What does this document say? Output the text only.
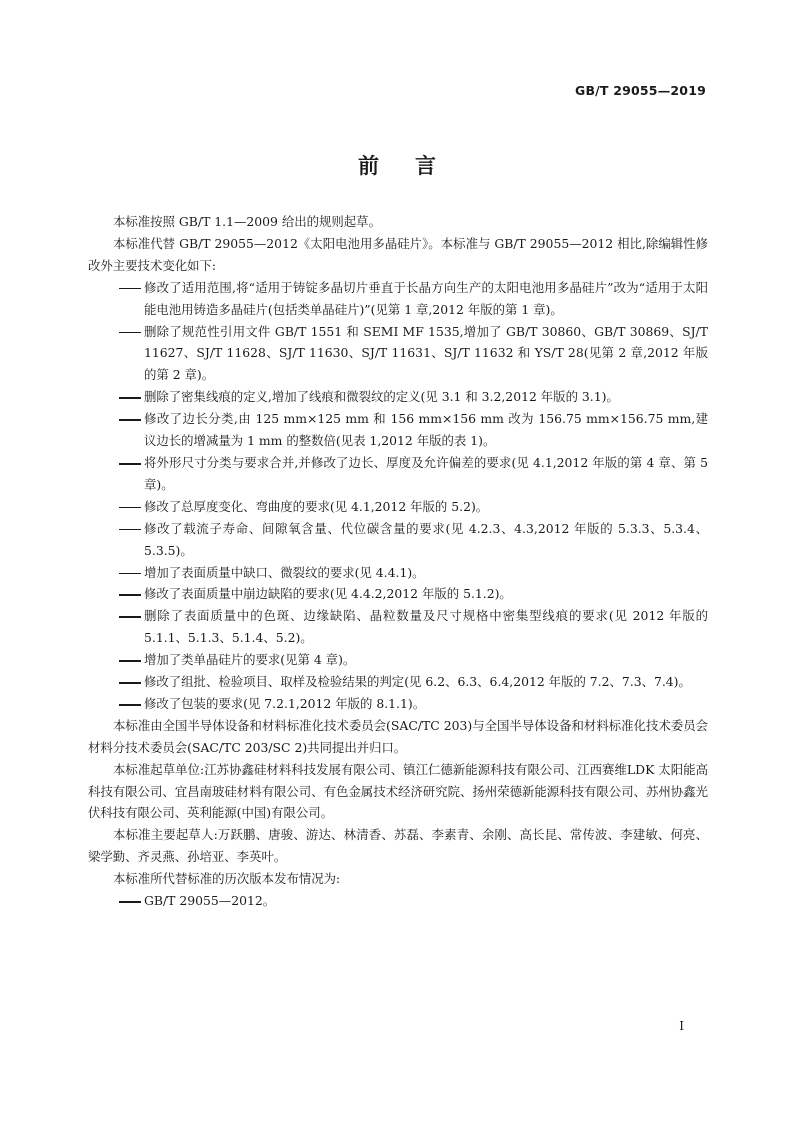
GB/T 29055—2019
前言

本标准按照 GB/T 1.1—2009 给出的规则起草。

本标准代替 GB/T 29055—2012《太阳电池用多晶硅片》。本标准与 GB/T 29055—2012 相比,除编辑性修改外主要技术变化如下:

修改了适用范围,将“适用于铸锭多晶切片垂直于长晶方向生产的太阳电池用多晶硅片”改为“适用于太阳能电池用铸造多晶硅片(包括类单晶硅片)”(见第 1 章,2012 年版的第 1 章)。

删除了规范性引用文件 GB/T 1551 和 SEMI MF 1535,增加了 GB/T 30860、GB/T 30869、SJ/T 11627、SJ/T 11628、SJ/T 11630、SJ/T 11631、SJ/T 11632 和 YS/T 28(见第 2 章,2012 年版的第 2 章)。

删除了密集线痕的定义,增加了线痕和微裂纹的定义(见 3.1 和 3.2,2012 年版的 3.1)。

修改了边长分类,由 125 mm×125 mm 和 156 mm×156 mm 改为 156.75 mm×156.75 mm,建议边长的增减量为 1 mm 的整数倍(见表 1,2012 年版的表 1)。

将外形尺寸分类与要求合并,并修改了边长、厚度及允许偏差的要求(见 4.1,2012 年版的第 4 章、第 5 章)。

修改了总厚度变化、弯曲度的要求(见 4.1,2012 年版的 5.2)。

修改了载流子寿命、间隙氧含量、代位碳含量的要求(见 4.2.3、4.3,2012 年版的 5.3.3、5.3.4、5.3.5)。

增加了表面质量中缺口、微裂纹的要求(见 4.4.1)。

修改了表面质量中崩边缺陷的要求(见 4.4.2,2012 年版的 5.1.2)。

删除了表面质量中的色斑、边缘缺陷、晶粒数量及尺寸规格中密集型线痕的要求(见 2012 年版的 5.1.1、5.1.3、5.1.4、5.2)。

增加了类单晶硅片的要求(见第 4 章)。

修改了组批、检验项目、取样及检验结果的判定(见 6.2、6.3、6.4,2012 年版的 7.2、7.3、7.4)。

修改了包装的要求(见 7.2.1,2012 年版的 8.1.1)。

本标准由全国半导体设备和材料标准化技术委员会(SAC/TC 203)与全国半导体设备和材料标准化技术委员会材料分技术委员会(SAC/TC 203/SC 2)共同提出并归口。

本标准起草单位:江苏协鑫硅材料科技发展有限公司、镇江仁德新能源科技有限公司、江西赛维LDK 太阳能高科技有限公司、宜昌南玻硅材料有限公司、有色金属技术经济研究院、扬州荣德新能源科技有限公司、苏州协鑫光伏科技有限公司、英利能源(中国)有限公司。

本标准主要起草人:万跃鹏、唐骏、游达、林清香、苏磊、李素青、余刚、高长昆、常传波、李建敏、何亮、梁学勤、齐灵燕、孙培亚、李英叶。

本标准所代替标准的历次版本发布情况为:

GB/T 29055—2012。

I
